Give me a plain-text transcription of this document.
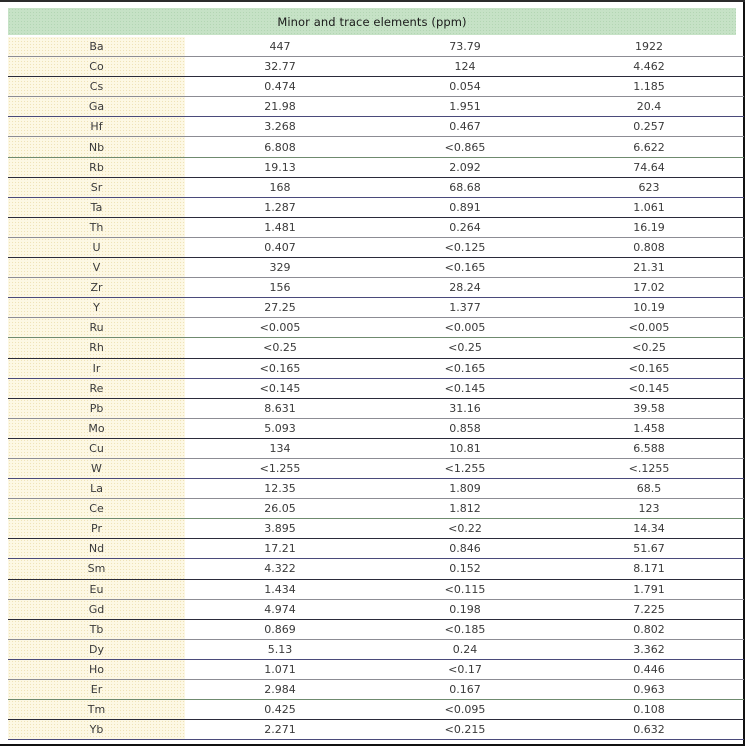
Minor and trace elements (ppm)
Ba	447	73.79	1922
Co	32.77	124	4.462
Cs	0.474	0.054	1.185
Ga	21.98	1.951	20.4
Hf	3.268	0.467	0.257
Nb	6.808	<0.865	6.622
Rb	19.13	2.092	74.64
Sr	168	68.68	623
Ta	1.287	0.891	1.061
Th	1.481	0.264	16.19
U	0.407	<0.125	0.808
V	329	<0.165	21.31
Zr	156	28.24	17.02
Y	27.25	1.377	10.19
Ru	<0.005	<0.005	<0.005
Rh	<0.25	<0.25	<0.25
Ir	<0.165	<0.165	<0.165
Re	<0.145	<0.145	<0.145
Pb	8.631	31.16	39.58
Mo	5.093	0.858	1.458
Cu	134	10.81	6.588
W	<1.255	<1.255	<.1255
La	12.35	1.809	68.5
Ce	26.05	1.812	123
Pr	3.895	<0.22	14.34
Nd	17.21	0.846	51.67
Sm	4.322	0.152	8.171
Eu	1.434	<0.115	1.791
Gd	4.974	0.198	7.225
Tb	0.869	<0.185	0.802
Dy	5.13	0.24	3.362
Ho	1.071	<0.17	0.446
Er	2.984	0.167	0.963
Tm	0.425	<0.095	0.108
Yb	2.271	<0.215	0.632
